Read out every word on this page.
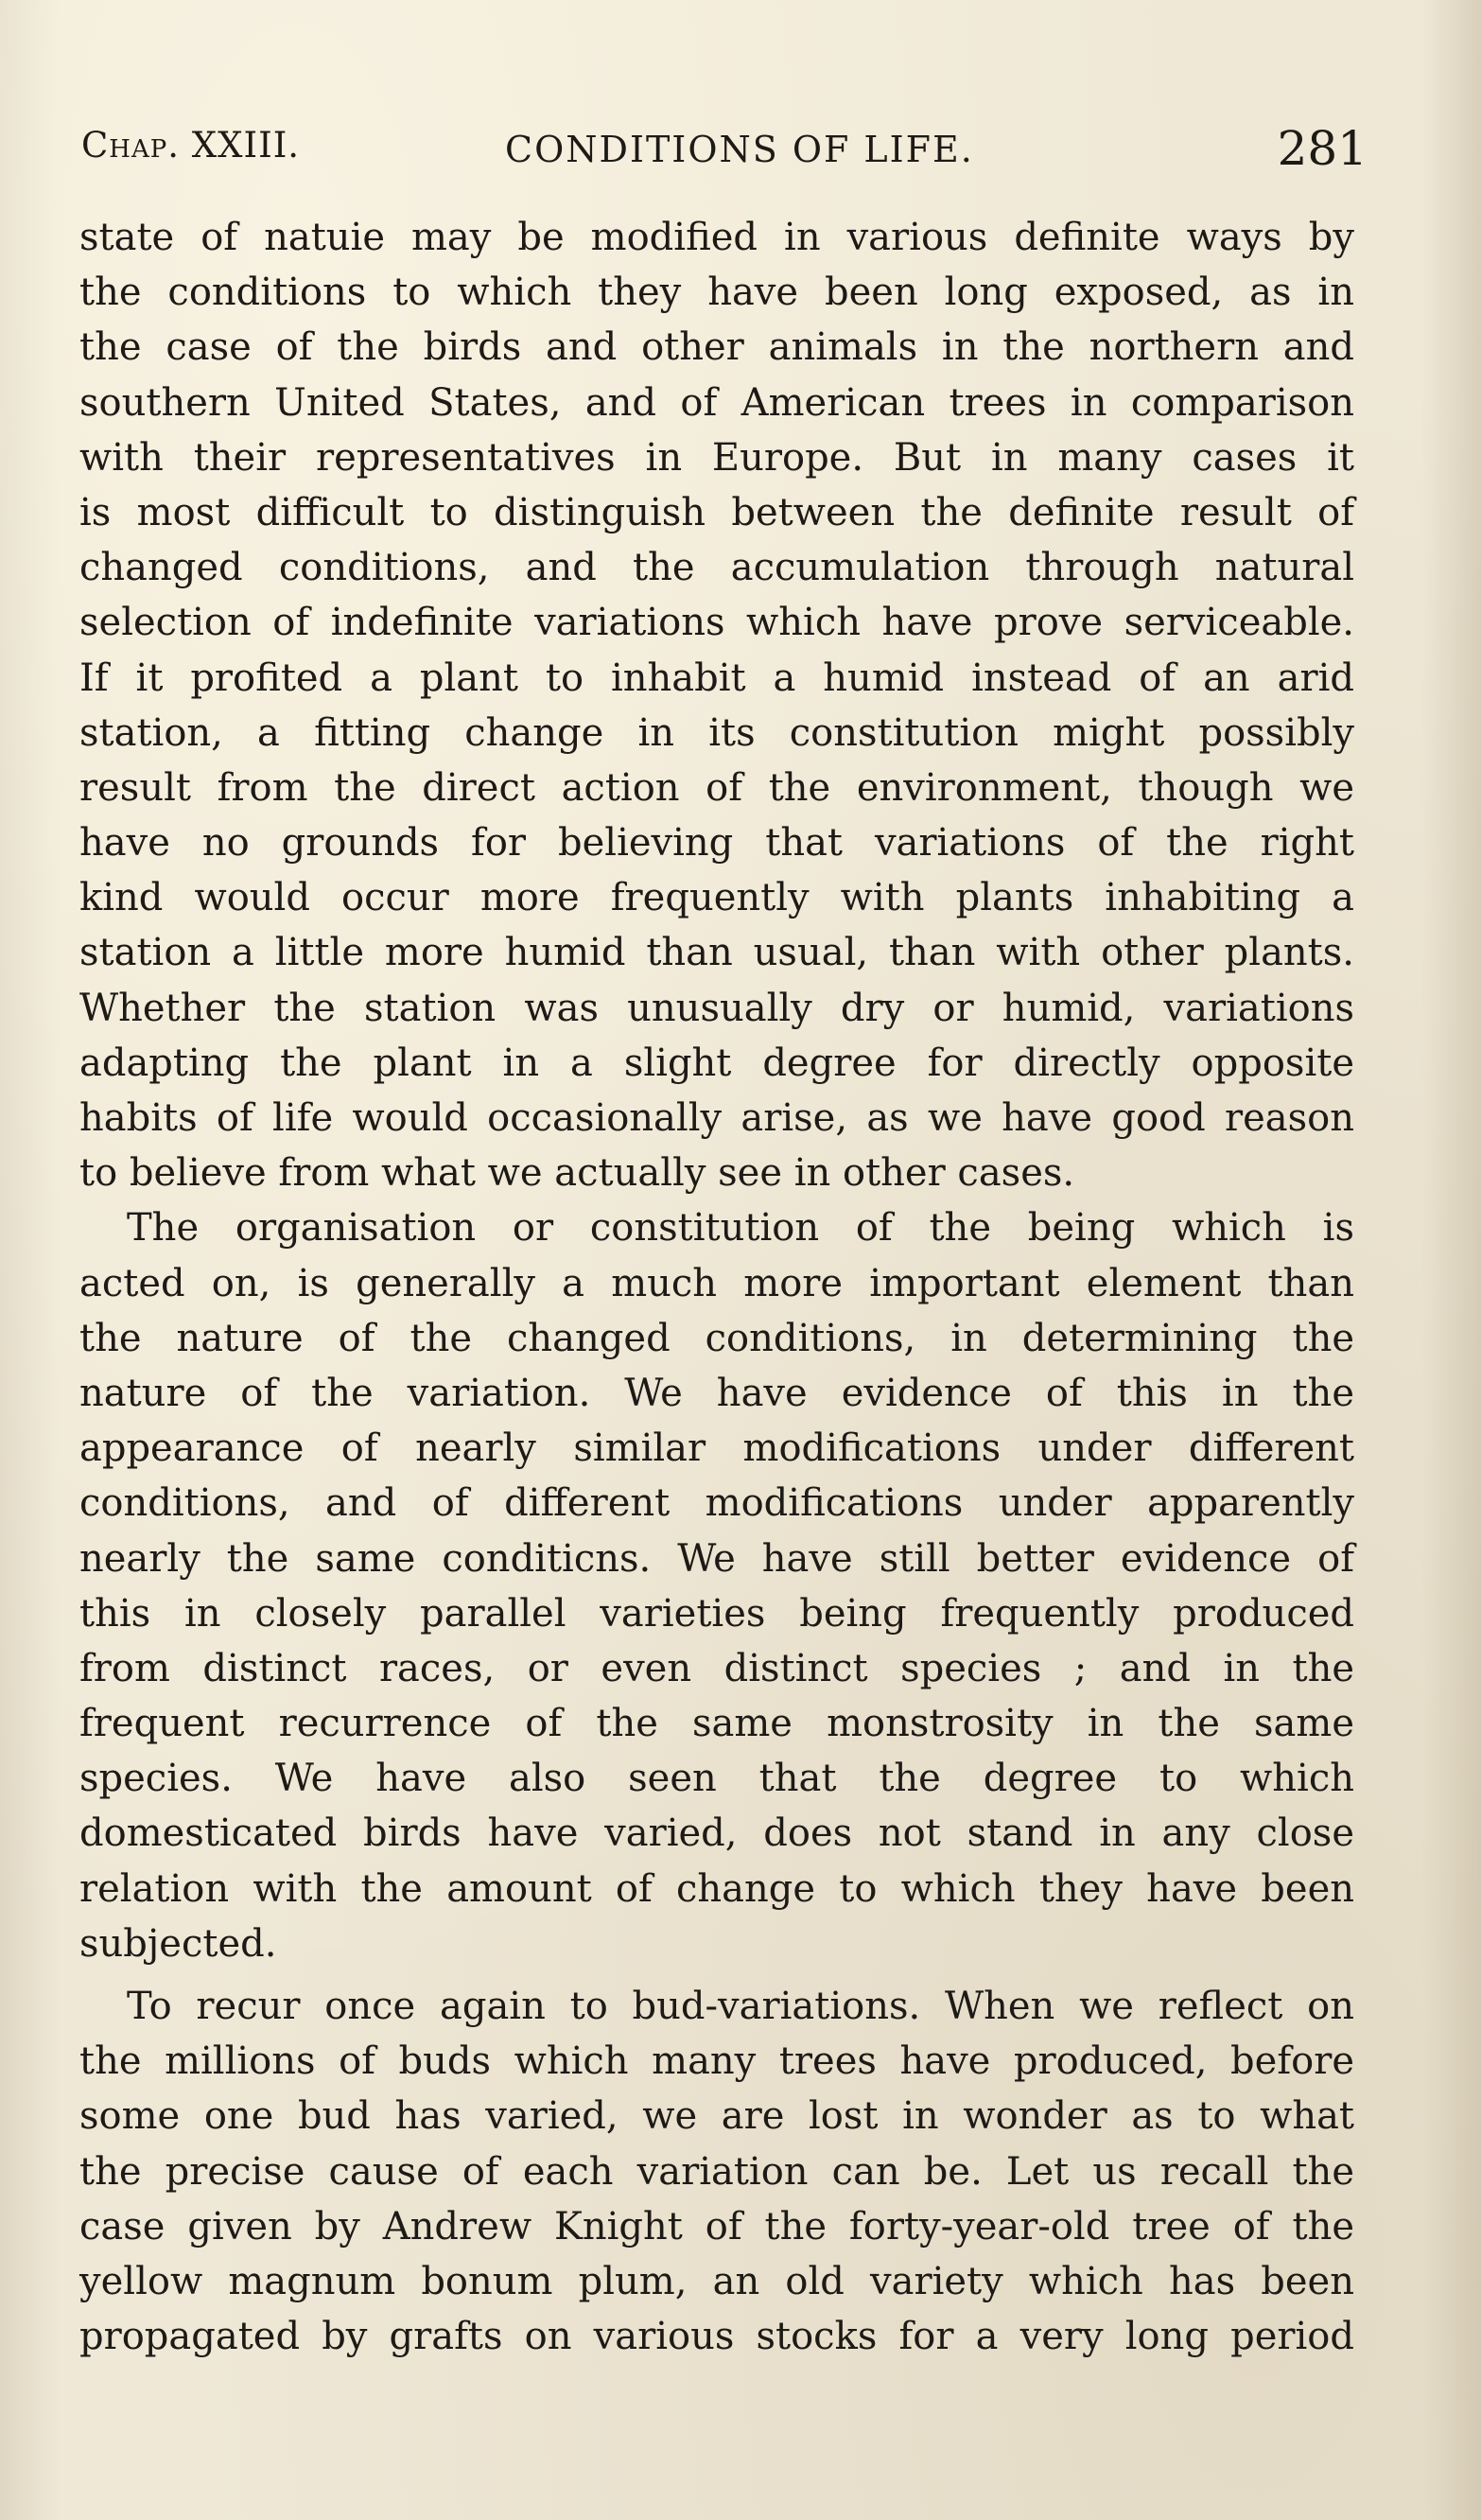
Chap. XXIII.	CONDITIONS OF LIFE.	281
state of natuie may be modified in various definite ways by
the conditions to which they have been long exposed, as in
the case of the birds and other animals in the northern and
southern United States, and of American trees in comparison
with their representatives in Europe. But in many cases it
is most difficult to distinguish between the definite result of
changed conditions, and the accumulation through natural
selection of indefinite variations which have prove serviceable.
If it profited a plant to inhabit a humid instead of an arid
station, a fitting change in its constitution might possibly
result from the direct action of the environment, though we
have no grounds for believing that variations of the right
kind would occur more frequently with plants inhabiting a
station a little more humid than usual, than with other plants.
Whether the station was unusually dry or humid, variations
adapting the plant in a slight degree for directly opposite
habits of life would occasionally arise, as we have good reason
to believe from what we actually see in other cases.
The organisation or constitution of the being which is
acted on, is generally a much more important element than
the nature of the changed conditions, in determining the
nature of the variation. We have evidence of this in the
appearance of nearly similar modifications under different
conditions, and of different modifications under apparently
nearly the same conditicns. We have still better evidence of
this in closely parallel varieties being frequently produced
from distinct races, or even distinct species ; and in the
frequent recurrence of the same monstrosity in the same
species. We have also seen that the degree to which
domesticated birds have varied, does not stand in any close
relation with the amount of change to which they have been
subjected.
To recur once again to bud-variations. When we reflect on
the millions of buds which many trees have produced, before
some one bud has varied, we are lost in wonder as to what
the precise cause of each variation can be. Let us recall the
case given by Andrew Knight of the forty-year-old tree of the
yellow magnum bonum plum, an old variety which has been
propagated by grafts on various stocks for a very long period
